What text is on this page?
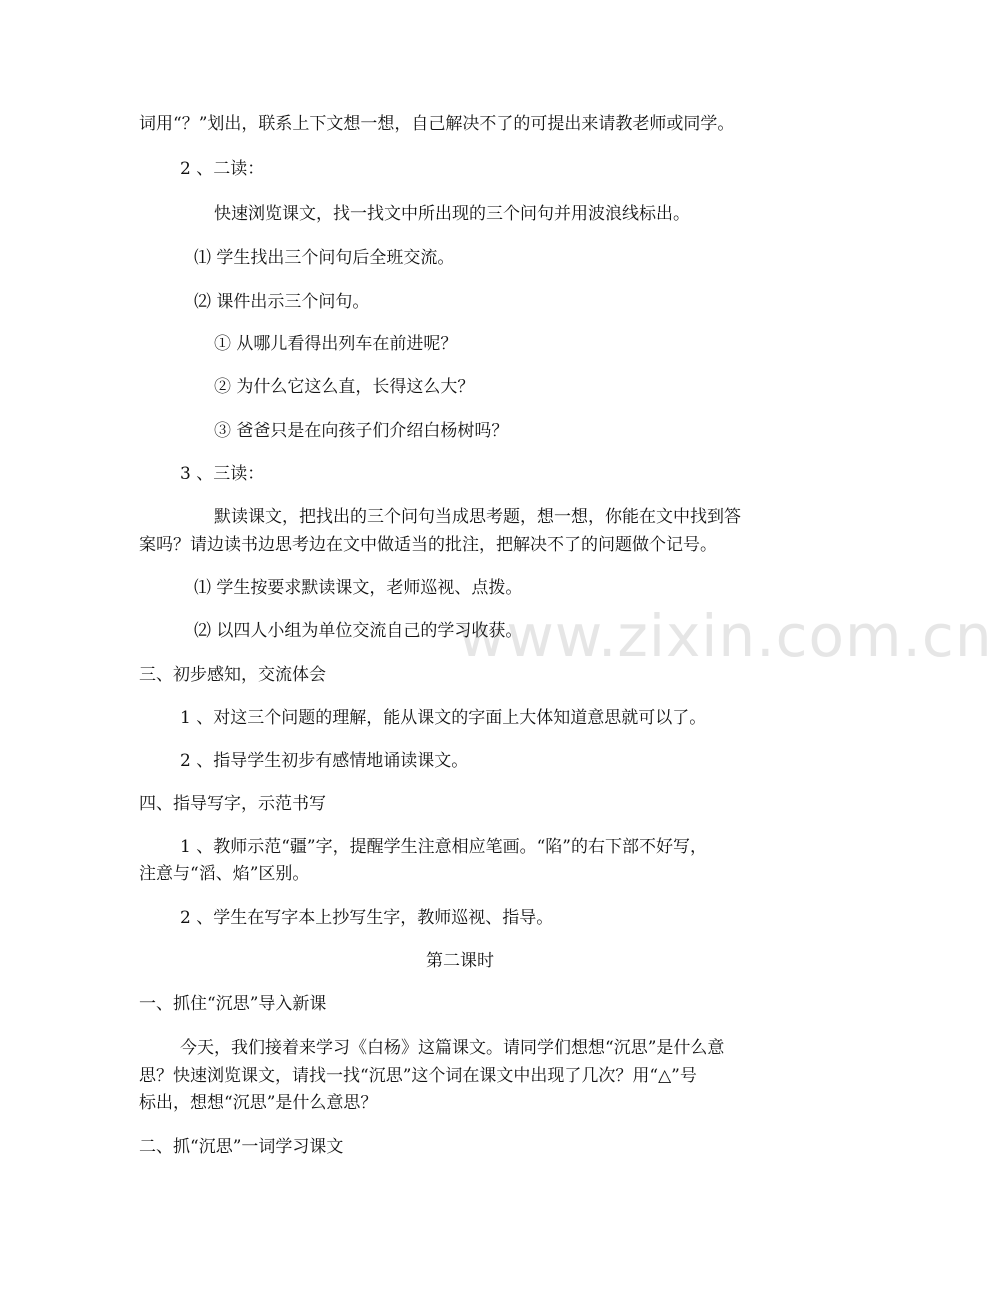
www.zixin.com.cn
词用“？”划出，联系上下文想一想，自己解决不了的可提出来请教老师或同学。
2 、二读：
快速浏览课文，找一找文中所出现的三个问句并用波浪线标出。
⑴ 学生找出三个问句后全班交流。
⑵ 课件出示三个问句。
① 从哪儿看得出列车在前进呢？
② 为什么它这么直，长得这么大？
③ 爸爸只是在向孩子们介绍白杨树吗？
3 、三读：
默读课文，把找出的三个问句当成思考题，想一想，你能在文中找到答
案吗？请边读书边思考边在文中做适当的批注，把解决不了的问题做个记号。
⑴ 学生按要求默读课文，老师巡视、点拨。
⑵ 以四人小组为单位交流自己的学习收获。
三、初步感知，交流体会
1 、对这三个问题的理解，能从课文的字面上大体知道意思就可以了。
2 、指导学生初步有感情地诵读课文。
四、指导写字，示范书写
1 、教师示范“疆”字，提醒学生注意相应笔画。“陷”的右下部不好写，
注意与“滔、焰”区别。
2 、学生在写字本上抄写生字，教师巡视、指导。
第二课时
一、抓住“沉思”导入新课
今天，我们接着来学习《白杨》这篇课文。请同学们想想“沉思”是什么意
思？快速浏览课文，请找一找“沉思”这个词在课文中出现了几次？用“△”号
标出，想想“沉思”是什么意思？
二、抓“沉思”一词学习课文
